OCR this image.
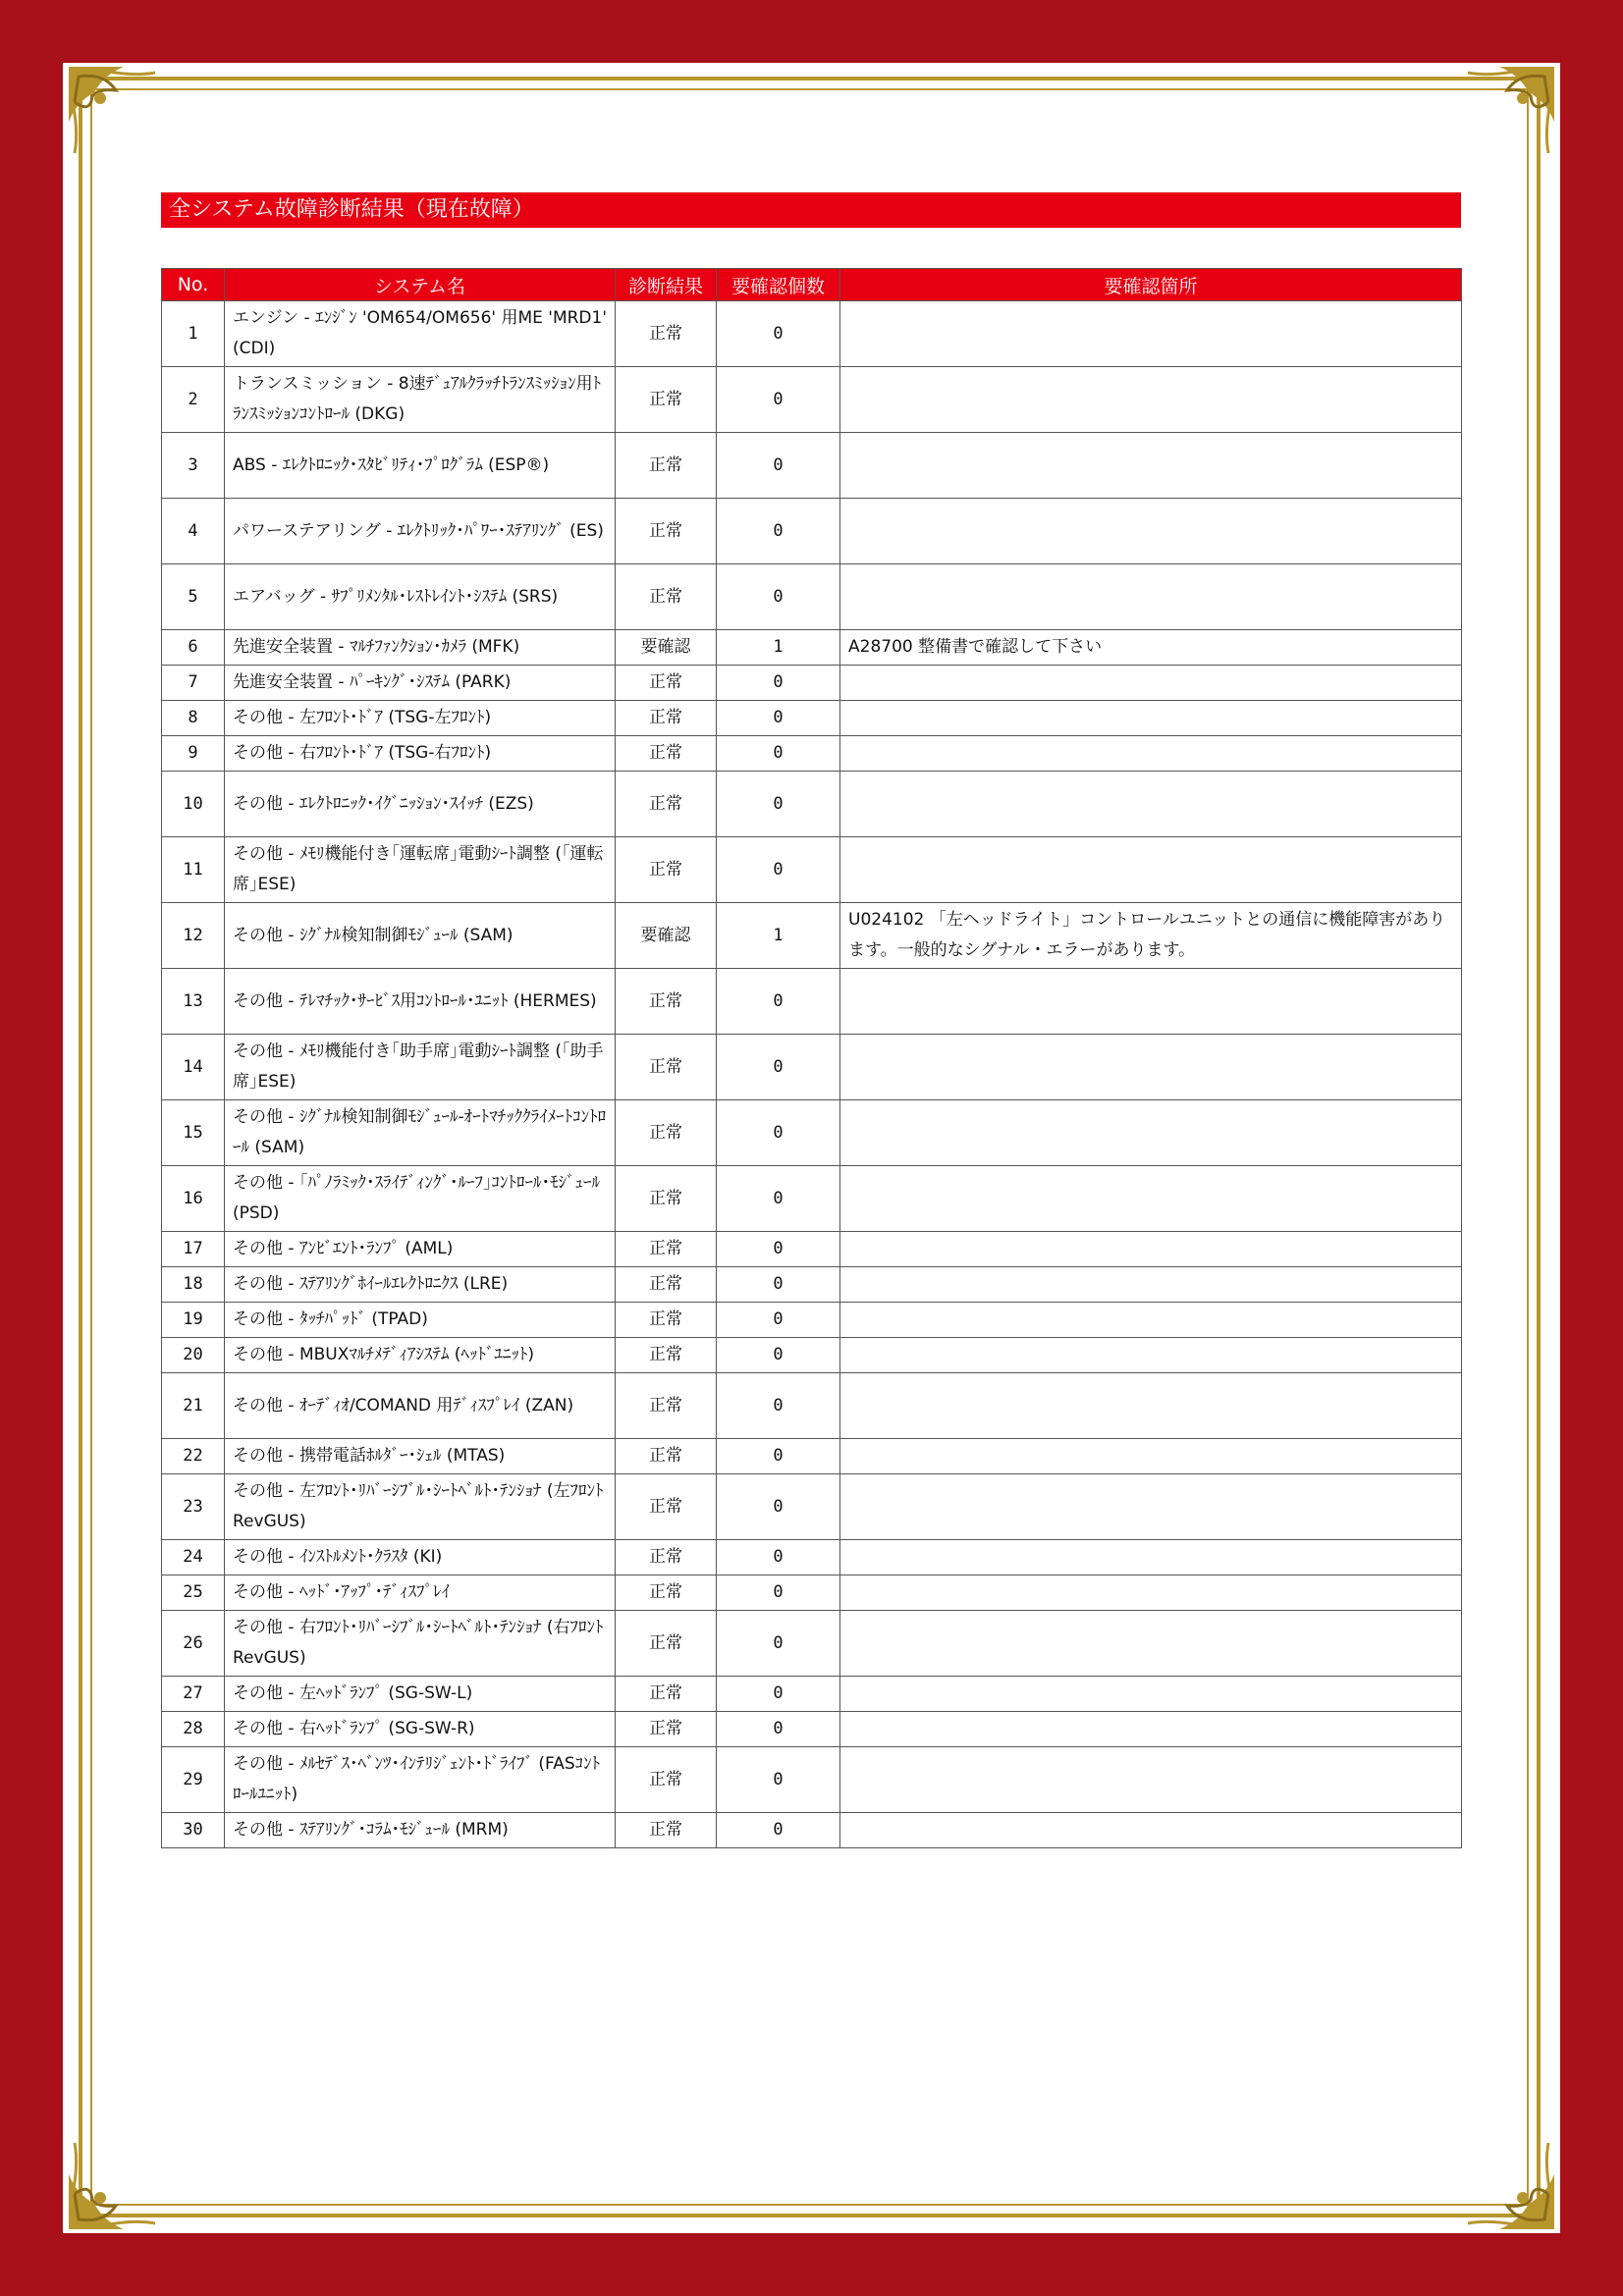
全システム故障診断結果（現在故障）
No.	システム名	診断結果	要確認個数	要確認箇所
1	エンジン - ｴﾝｼﾞﾝ 'OM654/OM656' 用ME 'MRD1' (CDI)	正常	0	
2	トランスミッション - 8速ﾃﾞｭｱﾙｸﾗｯﾁﾄﾗﾝｽﾐｯｼｮﾝ用ﾄﾗﾝｽﾐｯｼｮﾝｺﾝﾄﾛｰﾙ (DKG)	正常	0	
3	ABS - ｴﾚｸﾄﾛﾆｯｸ･ｽﾀﾋﾞﾘﾃｨ･ﾌﾟﾛｸﾞﾗﾑ (ESP®)	正常	0	
4	パワーステアリング - ｴﾚｸﾄﾘｯｸ･ﾊﾟﾜｰ･ｽﾃｱﾘﾝｸﾞ (ES)	正常	0	
5	エアバッグ - ｻﾌﾟﾘﾒﾝﾀﾙ･ﾚｽﾄﾚｲﾝﾄ･ｼｽﾃﾑ (SRS)	正常	0	
6	先進安全装置 - ﾏﾙﾁﾌｧﾝｸｼｮﾝ･ｶﾒﾗ (MFK)	要確認	1	A28700 整備書で確認して下さい
7	先進安全装置 - ﾊﾟｰｷﾝｸﾞ･ｼｽﾃﾑ (PARK)	正常	0	
8	その他 - 左ﾌﾛﾝﾄ･ﾄﾞｱ (TSG-左ﾌﾛﾝﾄ)	正常	0	
9	その他 - 右ﾌﾛﾝﾄ･ﾄﾞｱ (TSG-右ﾌﾛﾝﾄ)	正常	0	
10	その他 - ｴﾚｸﾄﾛﾆｯｸ･ｲｸﾞﾆｯｼｮﾝ･ｽｲｯﾁ (EZS)	正常	0	
11	その他 - ﾒﾓﾘ機能付き｢運転席｣電動ｼｰﾄ調整 (｢運転席｣ESE)	正常	0	
12	その他 - ｼｸﾞﾅﾙ検知制御ﾓｼﾞｭｰﾙ (SAM)	要確認	1	U024102 「左ヘッドライト」コントロールユニットとの通信に機能障害があります。一般的なシグナル・エラーがあります。
13	その他 - ﾃﾚﾏﾁｯｸ･ｻｰﾋﾞｽ用ｺﾝﾄﾛｰﾙ･ﾕﾆｯﾄ (HERMES)	正常	0	
14	その他 - ﾒﾓﾘ機能付き｢助手席｣電動ｼｰﾄ調整 (｢助手席｣ESE)	正常	0	
15	その他 - ｼｸﾞﾅﾙ検知制御ﾓｼﾞｭｰﾙ-ｵｰﾄﾏﾁｯｸｸﾗｲﾒｰﾄｺﾝﾄﾛｰﾙ (SAM)	正常	0	
16	その他 - ｢ﾊﾟﾉﾗﾐｯｸ･ｽﾗｲﾃﾞｨﾝｸﾞ･ﾙｰﾌ｣ｺﾝﾄﾛｰﾙ･ﾓｼﾞｭｰﾙ (PSD)	正常	0	
17	その他 - ｱﾝﾋﾞｴﾝﾄ･ﾗﾝﾌﾟ (AML)	正常	0	
18	その他 - ｽﾃｱﾘﾝｸﾞﾎｲｰﾙｴﾚｸﾄﾛﾆｸｽ (LRE)	正常	0	
19	その他 - ﾀｯﾁﾊﾟｯﾄﾞ (TPAD)	正常	0	
20	その他 - MBUXﾏﾙﾁﾒﾃﾞｨｱｼｽﾃﾑ (ﾍｯﾄﾞﾕﾆｯﾄ)	正常	0	
21	その他 - ｵｰﾃﾞｨｵ/COMAND 用ﾃﾞｨｽﾌﾟﾚｲ (ZAN)	正常	0	
22	その他 - 携帯電話ﾎﾙﾀﾞｰ･ｼｪﾙ (MTAS)	正常	0	
23	その他 - 左ﾌﾛﾝﾄ･ﾘﾊﾞｰｼﾌﾞﾙ･ｼｰﾄﾍﾞﾙﾄ･ﾃﾝｼｮﾅ (左ﾌﾛﾝﾄ RevGUS)	正常	0	
24	その他 - ｲﾝｽﾄﾙﾒﾝﾄ･ｸﾗｽﾀ (KI)	正常	0	
25	その他 - ﾍｯﾄﾞ･ｱｯﾌﾟ･ﾃﾞｨｽﾌﾟﾚｲ	正常	0	
26	その他 - 右ﾌﾛﾝﾄ･ﾘﾊﾞｰｼﾌﾞﾙ･ｼｰﾄﾍﾞﾙﾄ･ﾃﾝｼｮﾅ (右ﾌﾛﾝﾄ RevGUS)	正常	0	
27	その他 - 左ﾍｯﾄﾞﾗﾝﾌﾟ (SG-SW-L)	正常	0	
28	その他 - 右ﾍｯﾄﾞﾗﾝﾌﾟ (SG-SW-R)	正常	0	
29	その他 - ﾒﾙｾﾃﾞｽ･ﾍﾞﾝﾂ･ｲﾝﾃﾘｼﾞｪﾝﾄ･ﾄﾞﾗｲﾌﾞ (FASｺﾝﾄﾛｰﾙﾕﾆｯﾄ)	正常	0	
30	その他 - ｽﾃｱﾘﾝｸﾞ･ｺﾗﾑ･ﾓｼﾞｭｰﾙ (MRM)	正常	0	
